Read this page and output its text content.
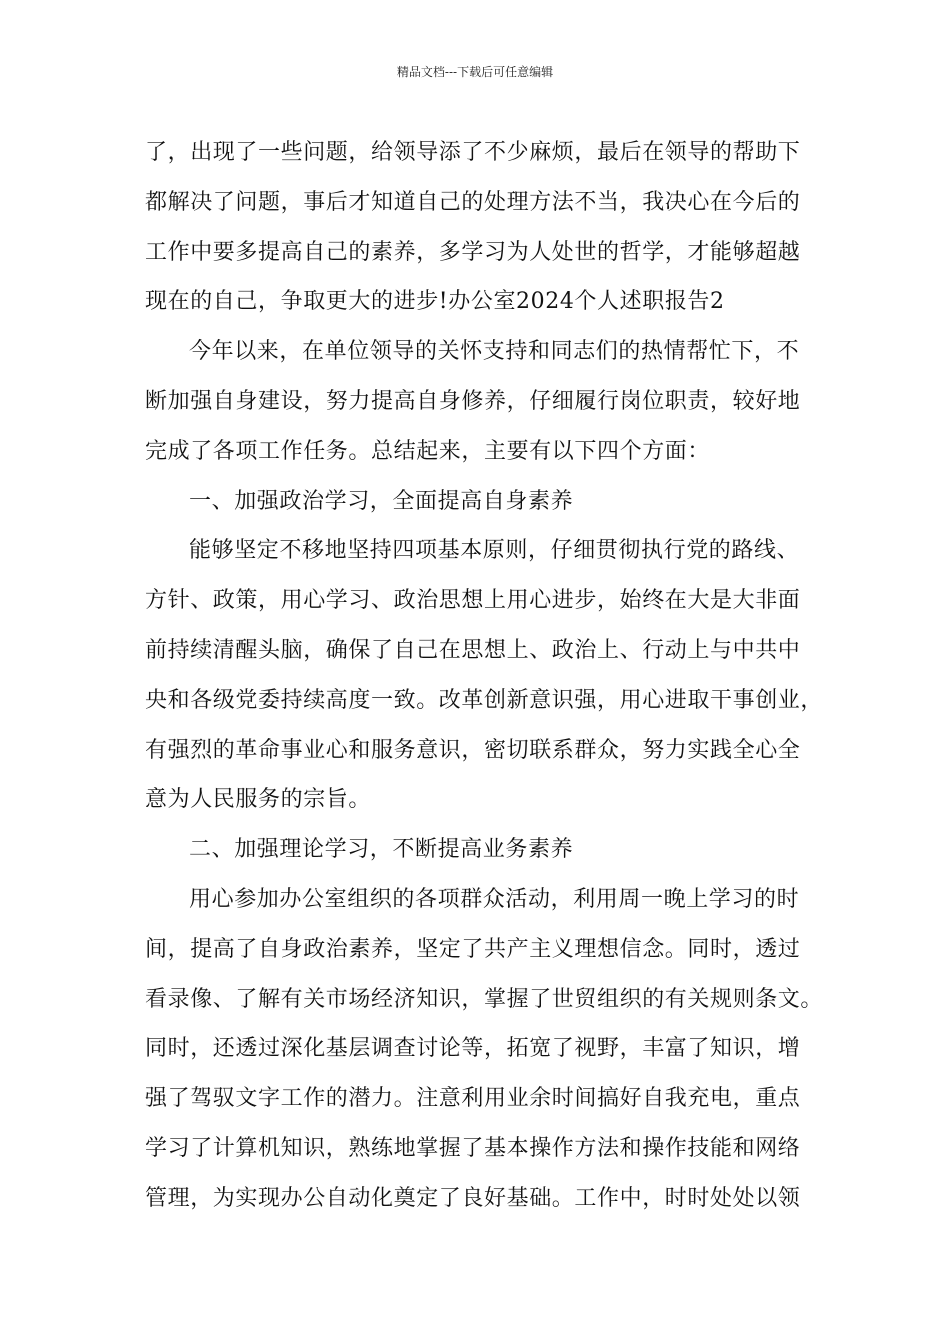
精品文档---下载后可任意编辑
了，出现了一些问题，给领导添了不少麻烦，最后在领导的帮助下
都解决了问题，事后才知道自己的处理方法不当，我决心在今后的
工作中要多提高自己的素养，多学习为人处世的哲学，才能够超越
现在的自己，争取更大的进步!办公室2024个人述职报告2
今年以来，在单位领导的关怀支持和同志们的热情帮忙下，不
断加强自身建设，努力提高自身修养，仔细履行岗位职责，较好地
完成了各项工作任务。总结起来，主要有以下四个方面：
一、加强政治学习，全面提高自身素养
能够坚定不移地坚持四项基本原则，仔细贯彻执行党的路线、
方针、政策，用心学习、政治思想上用心进步，始终在大是大非面
前持续清醒头脑，确保了自己在思想上、政治上、行动上与中共中
央和各级党委持续高度一致。改革创新意识强，用心进取干事创业，
有强烈的革命事业心和服务意识，密切联系群众，努力实践全心全
意为人民服务的宗旨。
二、加强理论学习，不断提高业务素养
用心参加办公室组织的各项群众活动，利用周一晚上学习的时
间，提高了自身政治素养，坚定了共产主义理想信念。同时，透过
看录像、了解有关市场经济知识，掌握了世贸组织的有关规则条文。
同时，还透过深化基层调查讨论等，拓宽了视野，丰富了知识，增
强了驾驭文字工作的潜力。注意利用业余时间搞好自我充电，重点
学习了计算机知识，熟练地掌握了基本操作方法和操作技能和网络
管理，为实现办公自动化奠定了良好基础。工作中，时时处处以领
